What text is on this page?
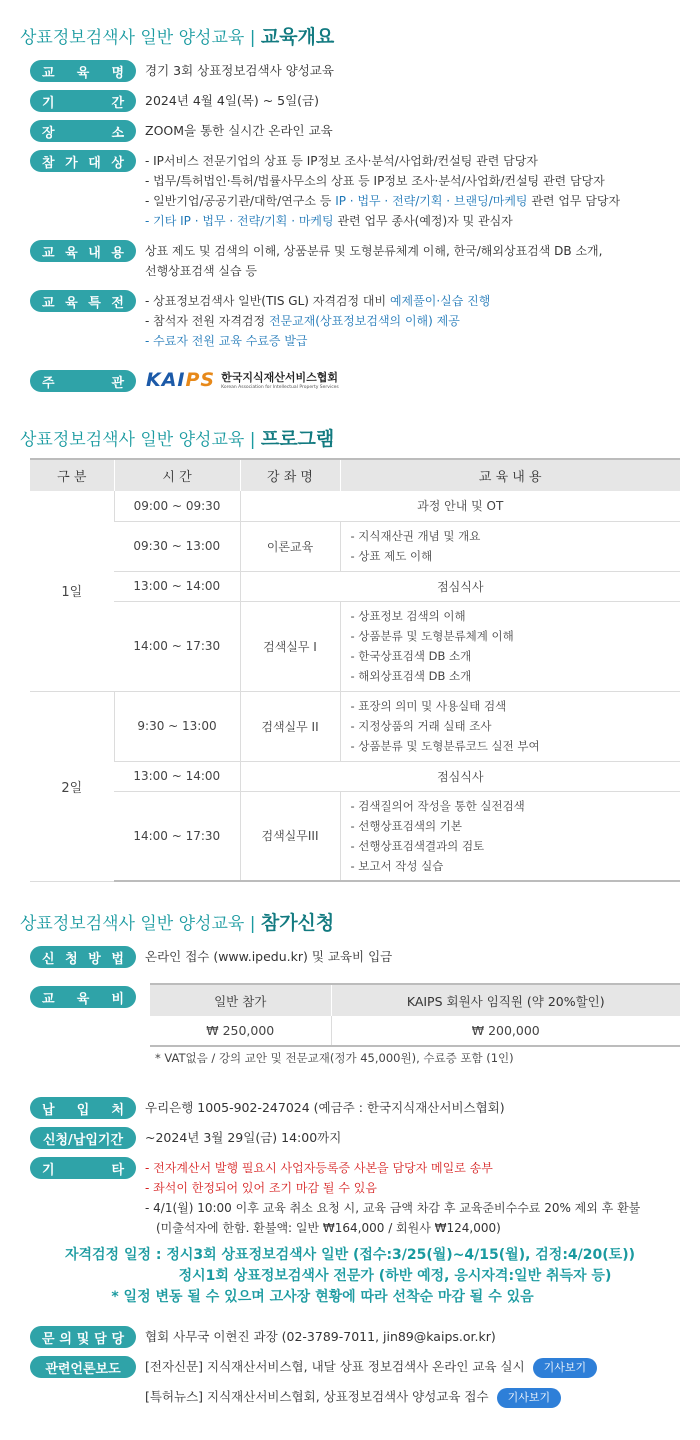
상표정보검색사 일반 양성교육 | 교육개요
교 육 명 경기 3회 상표정보검색사 양성교육
기	간 2024년 4월 4일(목) ~ 5일(금)
장	소 ZOOM을 통한 실시간 온라인 교육
참 가 대 상 - IP서비스 전문기업의 상표 등 IP정보 조사·분석/사업화/컨설팅 관련 담당자
- 법무/특허법인·특허/법률사무소의 상표 등 IP정보 조사·분석/사업화/컨설팅 관련 담당자
- 일반기업/공공기관/대학/연구소 등 IP · 법무 · 전략/기획 · 브랜딩/마케팅 관련 업무 담당자
- 기타 IP · 법무 · 전략/기획 · 마케팅 관련 업무 종사(예정)자 및 관심자
교 육 내 용 상표 제도 및 검색의 이해, 상품분류 및 도형분류체계 이해, 한국/해외상표검색 DB 소개,
선행상표검색 실습 등
교 육 특 전 - 상표정보검색사 일반(TIS GL) 자격검정 대비 예제풀이·실습 진행
- 참석자 전원 자격검정 전문교재(상표정보검색의 이해) 제공
- 수료자 전원 교육 수료증 발급
주	관 KAIPS 한국지식재산서비스협회
Korean Association for Intellectual Property Services
상표정보검색사 일반 양성교육 | 프로그램
구 분	시 간	강 좌 명	교 육 내 용
1일	09:00 ~ 09:30	과정 안내 및 OT	
	09:30 ~ 13:00	이론교육	- 지식재산권 개념 및 개요
- 상표 제도 이해

	13:00 ~ 14:00	점심식사	
	14:00 ~ 17:30	검색실무 I	- 상표정보 검색의 이해
- 상품분류 및 도형분류체계 이해
- 한국상표검색 DB 소개
- 해외상표검색 DB 소개

2일	9:30 ~ 13:00	검색실무 II	- 표장의 의미 및 사용실태 검색
- 지정상품의 거래 실태 조사
- 상품분류 및 도형분류코드 실전 부여

	13:00 ~ 14:00	점심식사	
	14:00 ~ 17:30	검색실무III	- 검색질의어 작성을 통한 실전검색
- 선행상표검색의 기본
- 선행상표검색결과의 검토
- 보고서 작성 실습
상표정보검색사 일반 양성교육 | 참가신청
신 청 방 법 온라인 접수 (www.ipedu.kr) 및 교육비 입금
교 육 비	일반 참가	KAIPS 회원사 임직원 (약 20%할인)
₩ 250,000	₩ 200,000
* VAT없음 / 강의 교안 및 전문교재(정가 45,000원), 수료증 포함 (1인)
납 입 처 우리은행 1005-902-247024 (예금주 : 한국지식재산서비스협회)
신청/납입기간	~2024년 3월 29일(금) 14:00까지
기	타 - 전자계산서 발행 필요시 사업자등록증 사본을 담당자 메일로 송부
- 좌석이 한정되어 있어 조기 마감 될 수 있음
- 4/1(월) 10:00 이후 교육 취소 요청 시, 교육 금액 차감 후 교육준비수수료 20% 제외 후 환불
(미출석자에 한함. 환불액: 일반 ₩164,000 / 회원사 ₩124,000)
자격검정 일정 : 정시3회 상표정보검색사 일반 (접수:3/25(월)~4/15(월), 검정:4/20(토))
정시1회 상표정보검색사 전문가 (하반 예정, 응시자격:일반 취득자 등)
* 일정 변동 될 수 있으며 고사장 현황에 따라 선착순 마감 될 수 있음
문 의 및 담 당 협회 사무국 이현진 과장 (02-3789-7011, jin89@kaips.or.kr)
관련언론보도	[전자신문] 지식재산서비스협, 내달 상표 정보검색사 온라인 교육 실시 기사보기
[특허뉴스] 지식재산서비스협회, 상표정보검색사 양성교육 접수 기사보기
